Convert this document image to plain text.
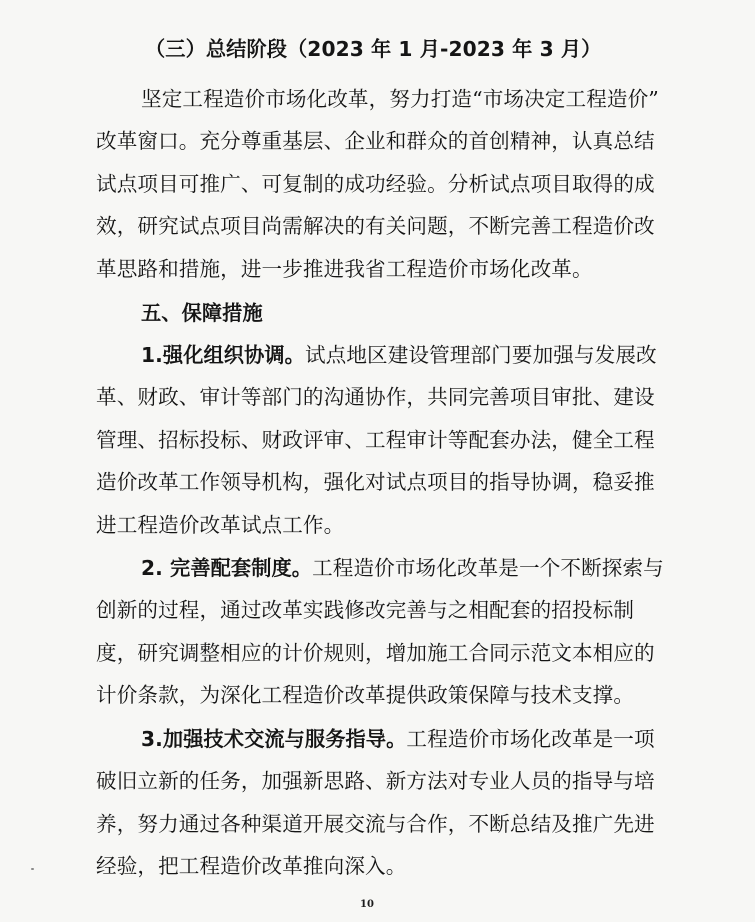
（三）总结阶段（2023 年 1 月-2023 年 3 月）
坚定工程造价市场化改革，努力打造“市场决定工程造价”
改革窗口。充分尊重基层、企业和群众的首创精神，认真总结
试点项目可推广、可复制的成功经验。分析试点项目取得的成
效，研究试点项目尚需解决的有关问题，不断完善工程造价改
革思路和措施，进一步推进我省工程造价市场化改革。
五、保障措施
1.强化组织协调。试点地区建设管理部门要加强与发展改
革、财政、审计等部门的沟通协作，共同完善项目审批、建设
管理、招标投标、财政评审、工程审计等配套办法，健全工程
造价改革工作领导机构，强化对试点项目的指导协调，稳妥推
进工程造价改革试点工作。
2. 完善配套制度。工程造价市场化改革是一个不断探索与
创新的过程，通过改革实践修改完善与之相配套的招投标制
度，研究调整相应的计价规则，增加施工合同示范文本相应的
计价条款，为深化工程造价改革提供政策保障与技术支撑。
3.加强技术交流与服务指导。工程造价市场化改革是一项
破旧立新的任务，加强新思路、新方法对专业人员的指导与培
养，努力通过各种渠道开展交流与合作，不断总结及推广先进
经验，把工程造价改革推向深入。
10
